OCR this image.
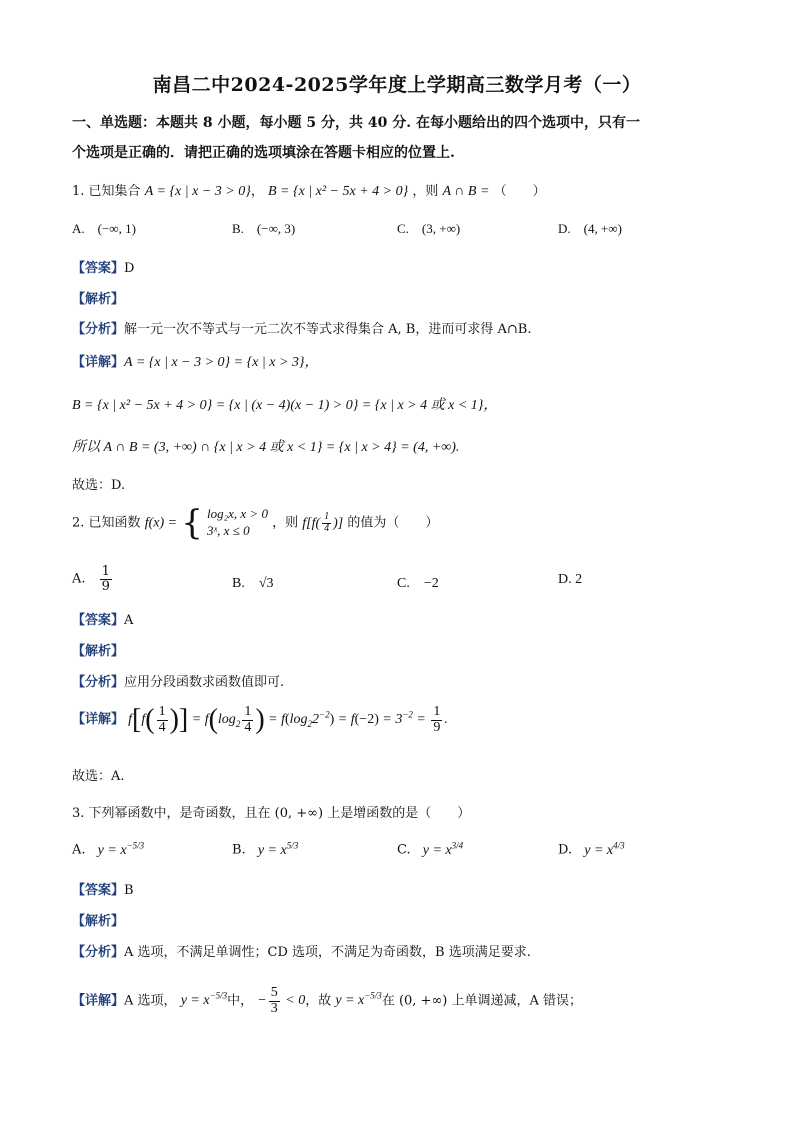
南昌二中2024-2025学年度上学期高三数学月考（一）
一、单选题：本题共 8 小题，每小题 5 分，共 40 分. 在每小题给出的四个选项中，只有一
个选项是正确的．请把正确的选项填涂在答题卡相应的位置上.
1. 已知集合 A = {x | x − 3 > 0}， B = {x | x² − 5x + 4 > 0} ，则 A ∩ B = （　　）
A.　(−∞, 1)	B.　(−∞, 3)	C.　(3, +∞)	D.　(4, +∞)
【答案】D
【解析】
【分析】解一元一次不等式与一元二次不等式求得集合 A, B，进而可求得 A∩B.
【详解】A = {x | x − 3 > 0} = {x | x > 3}，
B = {x | x² − 5x + 4 > 0} = {x | (x − 4)(x − 1) > 0} = {x | x > 4 或 x < 1}，
所以 A ∩ B = (3, +∞) ∩ {x | x > 4 或 x < 1} = {x | x > 4} = (4, +∞).
故选：D.
2. 已知函数 f(x) = { log₂x, x > 0
3ˣ, x ≤ 0	，则 $f[f( \frac{1}{4}$ )] 的值为（　　）
A. $\frac{1}{9}$	B.　√3	C.　−2	D. 2
【答案】A
【解析】
【分析】应用分段函数求函数值即可.
【详解】 $f[f( \frac{1}{4}$ )] = $f(\log_2 \frac{1}{4}$ ) = $f(\log_22^{-2}) = f(-2) = 3^{-2} = \frac{1}{9}$ .
故选：A.
3. 下列幂函数中，是奇函数，且在 (0, +∞) 上是增函数的是（　　）
A. $y = x^{-5/3}$	B. $y = x^{5/3}$	C. $y = x^{3/4}$	D. $y = x^{4/3}$
【答案】B
【解析】
【分析】A 选项，不满足单调性；CD 选项，不满足为奇函数，B 选项满足要求.
【详解】A 选项， $y = x^{-5/3}$中， − $\frac{5}{3} < 0$，故 $y = x^{-5/3}$在 (0, +∞) 上单调递减，A 错误；
